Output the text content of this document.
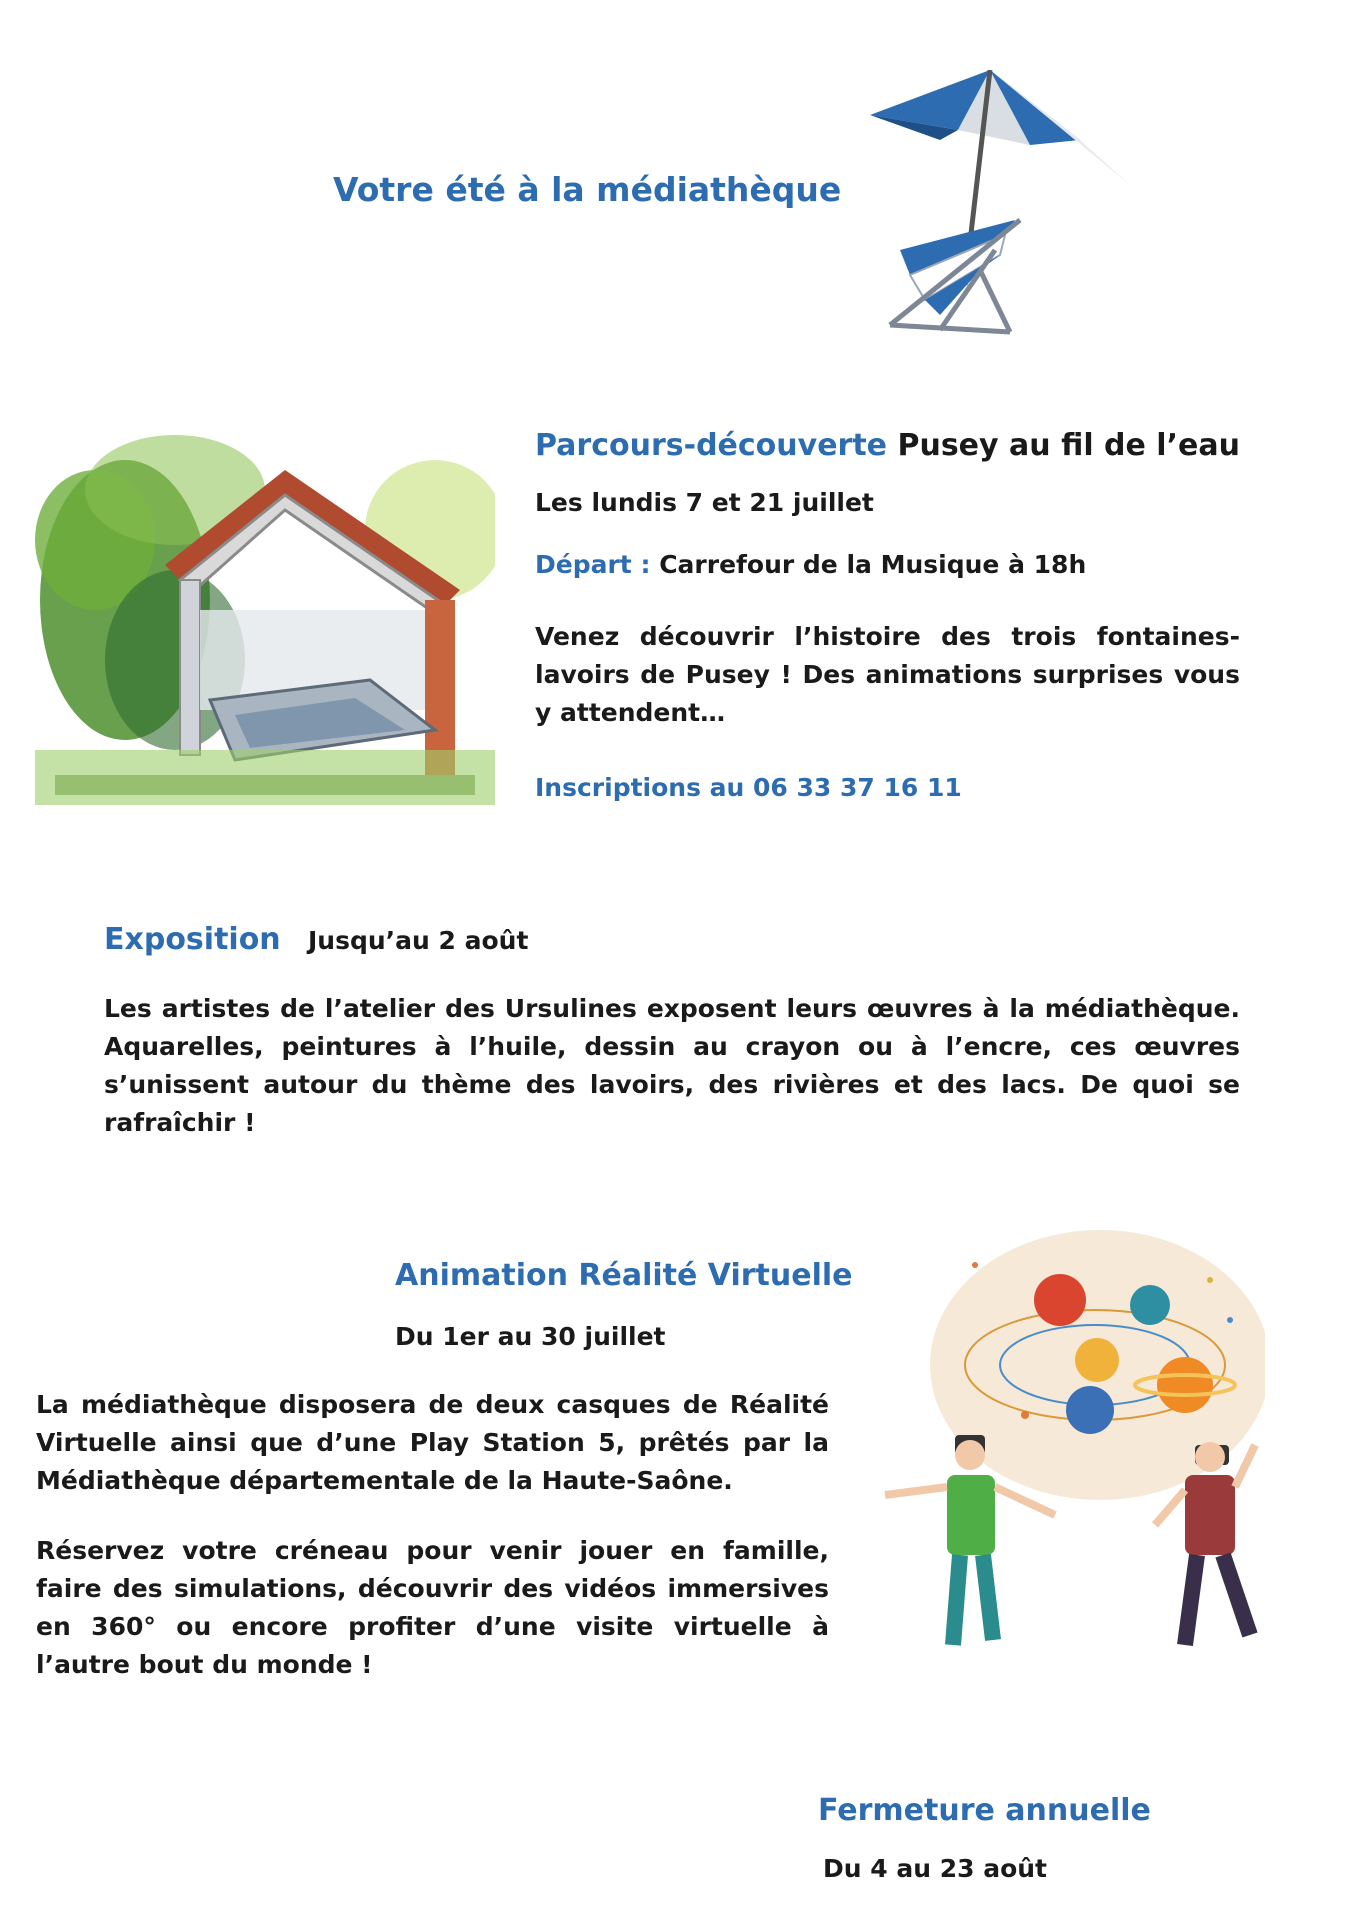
Votre été à la médiathèque
Parcours-découverte Pusey au fil de l’eau
Les lundis 7 et 21 juillet
Départ : Carrefour de la Musique à 18h
Venez découvrir l’histoire des trois fontaines-lavoirs de Pusey ! Des animations surprises vous y attendent…
Inscriptions au 06 33 37 16 11
Exposition Jusqu’au 2 août
Les artistes de l’atelier des Ursulines exposent leurs œuvres à la médiathèque. Aquarelles, peintures à l’huile, dessin au crayon ou à l’encre, ces œuvres s’unissent autour du thème des lavoirs, des rivières et des lacs. De quoi se rafraîchir !
Animation Réalité Virtuelle
Du 1er au 30 juillet
La médiathèque disposera de deux casques de Réalité Virtuelle ainsi que d’une Play Station 5, prêtés par la Médiathèque départementale de la Haute-Saône.
Réservez votre créneau pour venir jouer en famille, faire des simulations, découvrir des vidéos immersives en 360° ou encore profiter d’une visite virtuelle à l’autre bout du monde !
Fermeture annuelle
Du 4 au 23 août
